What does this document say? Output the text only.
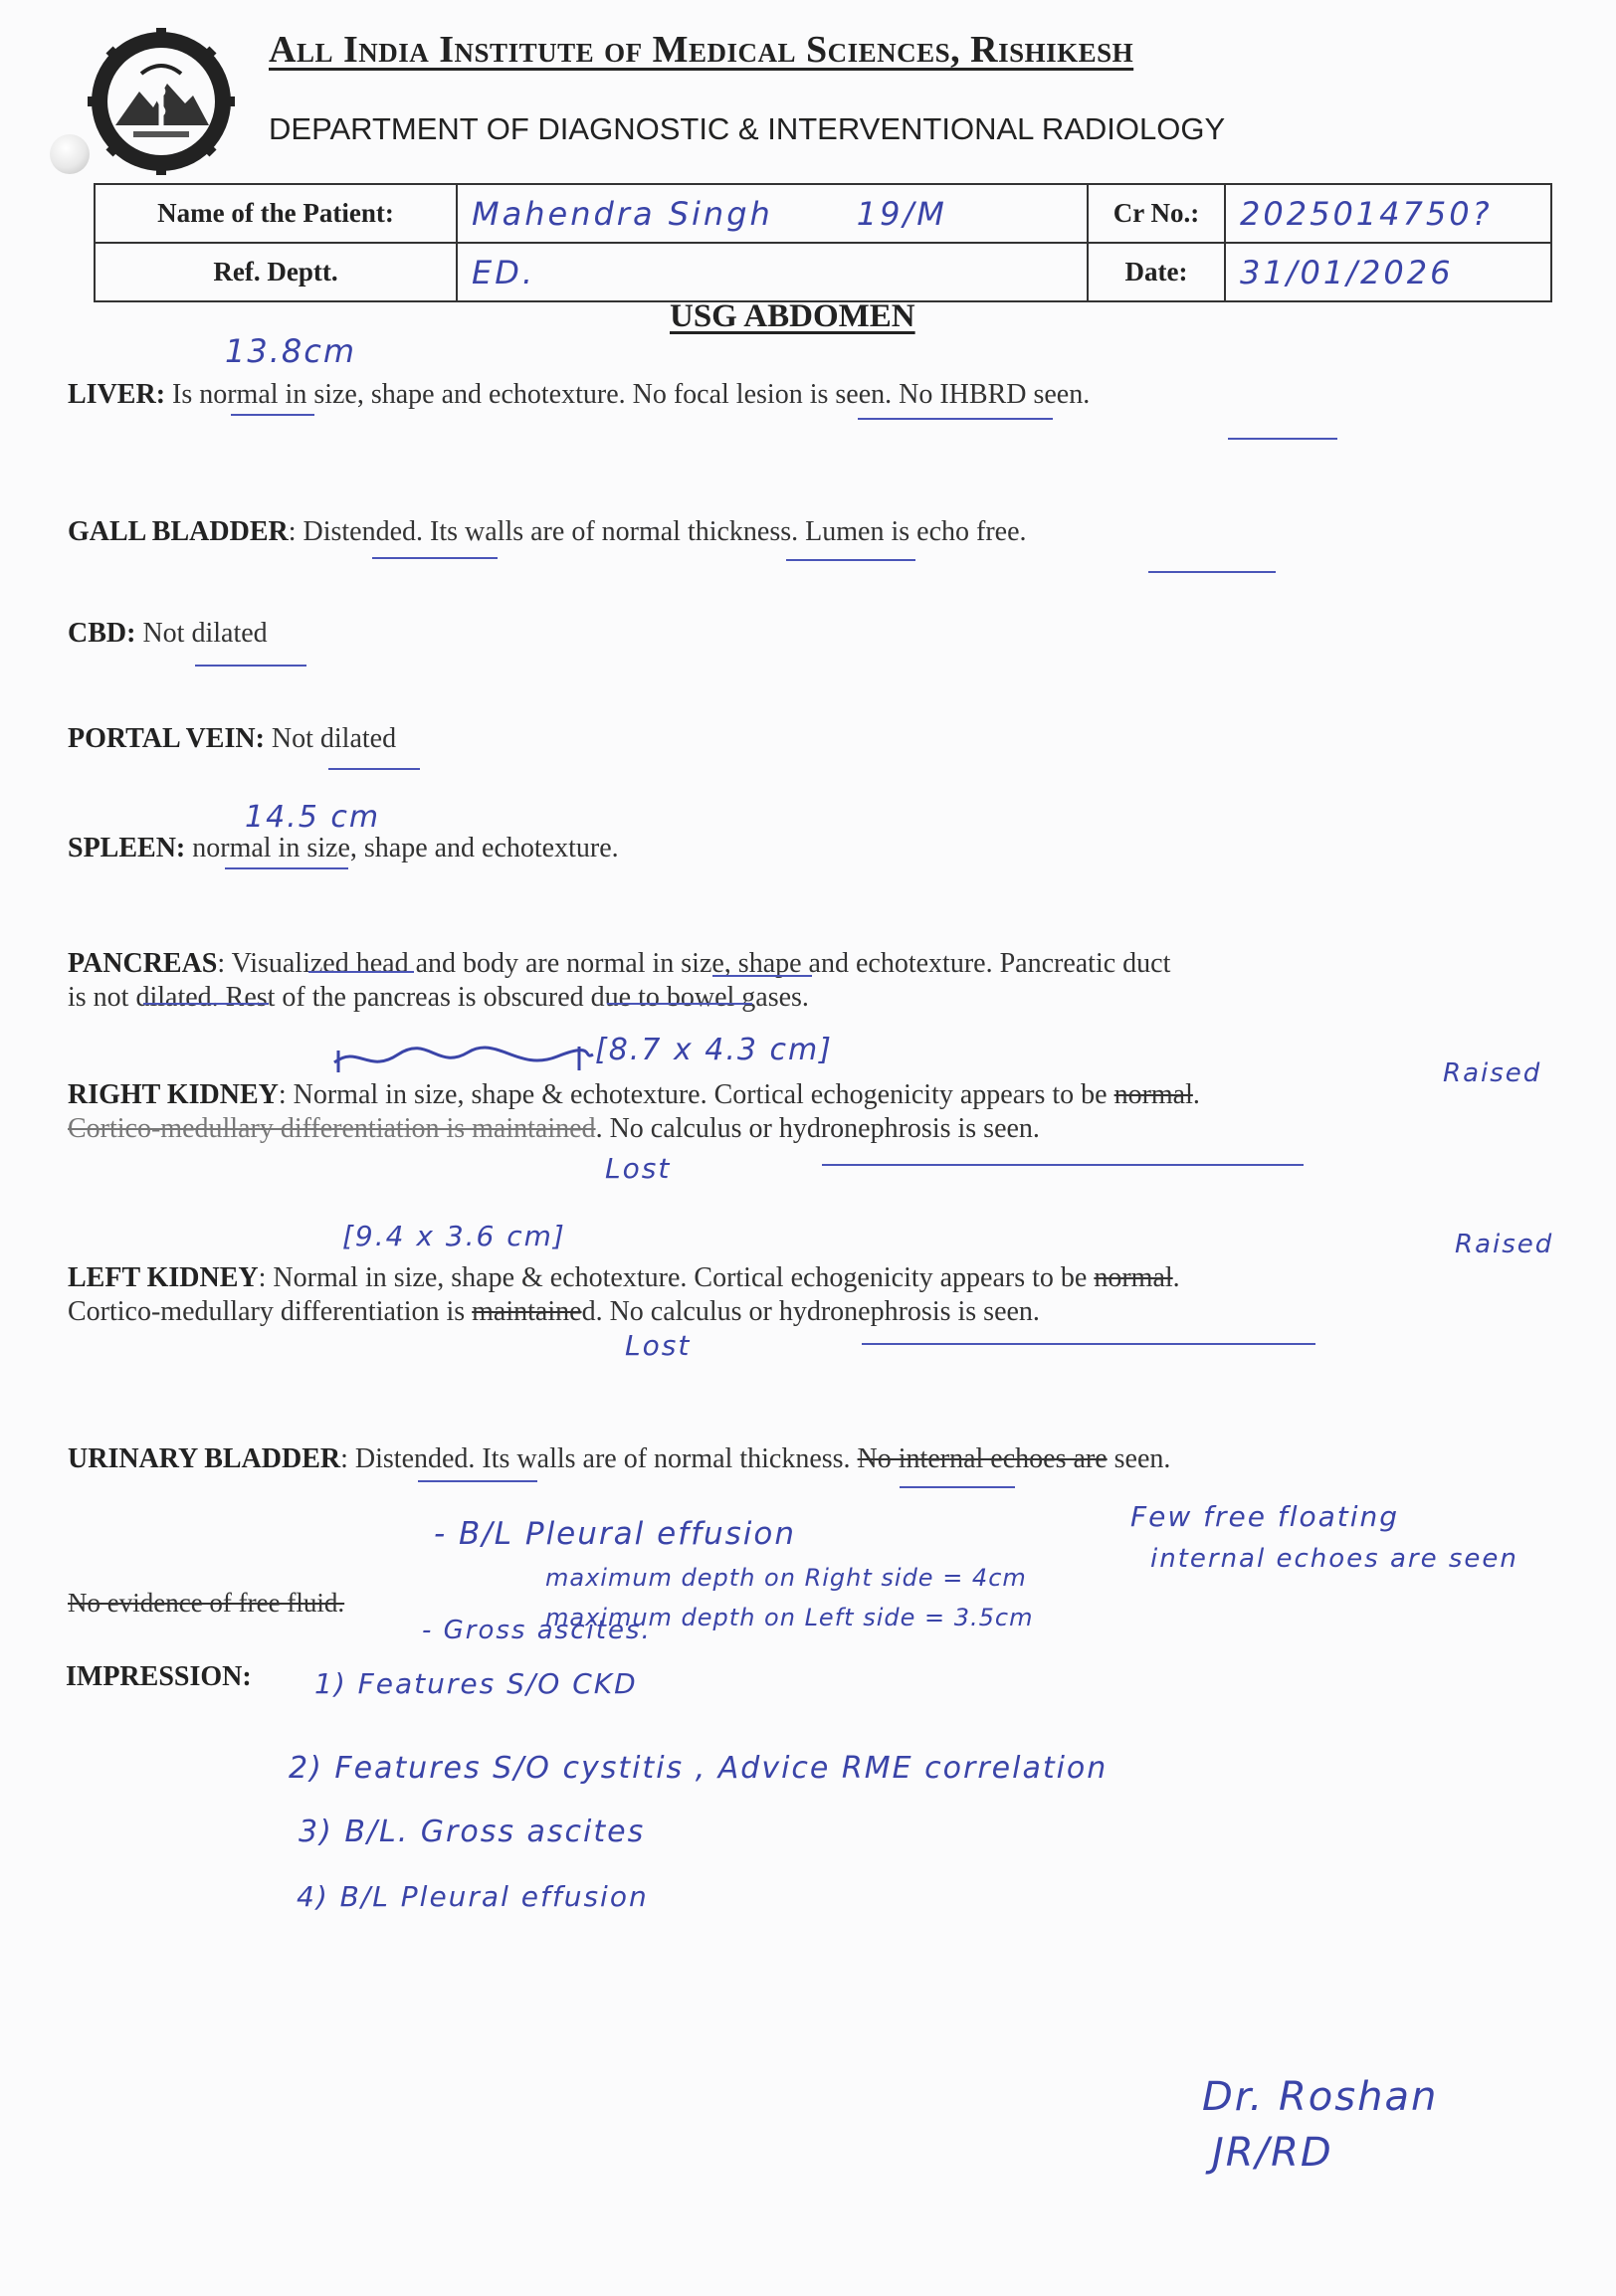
All India Institute of Medical Sciences, Rishikesh
DEPARTMENT OF DIAGNOSTIC & INTERVENTIONAL RADIOLOGY
Name of the Patient:	Mahendra Singh 19/M	Cr No.:	2025014750?
Ref. Deptt.	ED.	Date:	31/01/2026
USG ABDOMEN
13.8cm
LIVER: Is normal in size, shape and echotexture. No focal lesion is seen. No IHBRD seen.
GALL BLADDER: Distended. Its walls are of normal thickness. Lumen is echo free.
CBD: Not dilated
PORTAL VEIN: Not dilated
14.5 cm
SPLEEN: normal in size, shape and echotexture.
PANCREAS: Visualized head and body are normal in size, shape and echotexture. Pancreatic duct
is not dilated. Rest of the pancreas is obscured due to bowel gases.
[8.7 x 4.3 cm]
Raised
RIGHT KIDNEY: Normal in size, shape & echotexture. Cortical echogenicity appears to be normal.
Cortico-medullary differentiation is maintained. No calculus or hydronephrosis is seen.
Lost
[9.4 x 3.6 cm]	Raised
LEFT KIDNEY: Normal in size, shape & echotexture. Cortical echogenicity appears to be normal.
Cortico-medullary differentiation is maintained. No calculus or hydronephrosis is seen.
Lost
URINARY BLADDER: Distended. Its walls are of normal thickness. No internal echoes are seen.
Few free floating
internal echoes are seen
- B/L Pleural effusion
maximum depth on Right side = 4cm
maximum depth on Left side = 3.5cm
- Gross ascites.
No evidence of free fluid.
IMPRESSION: 1) Features S/O CKD
2) Features S/O cystitis , Advice RME correlation
3) B/L. Gross ascites
4) B/L Pleural effusion
Dr. Roshan
JR/RD
